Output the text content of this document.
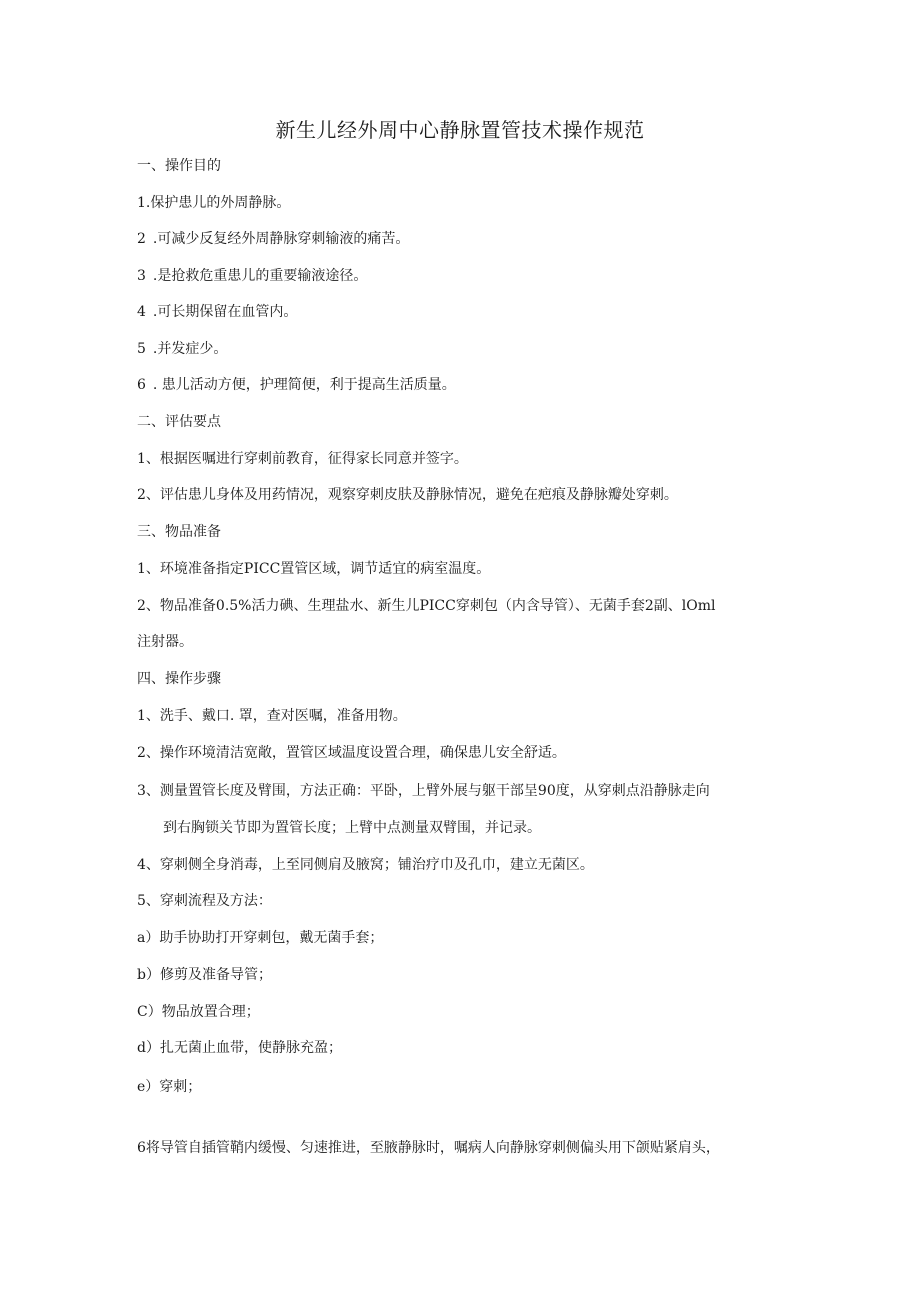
新生儿经外周中心静脉置管技术操作规范
一、操作目的
1.保护患儿的外周静脉。
2 .可减少反复经外周静脉穿刺输液的痛苦。
3 .是抢救危重患儿的重要输液途径。
4 .可长期保留在血管内。
5 .并发症少。
6 . 患儿活动方便，护理简便，利于提高生活质量。
二、评估要点
1、根据医嘱进行穿刺前教育，征得家长同意并签字。
2、评估患儿身体及用药情况，观察穿刺皮肤及静脉情况，避免在疤痕及静脉瓣处穿刺。
三、物品准备
1、环境准备指定PICC置管区域，调节适宜的病室温度。
2、物品准备0.5%活力碘、生理盐水、新生儿PICC穿刺包（内含导管）、无菌手套2副、lOml
注射器。
四、操作步骤
1、洗手、戴口. 罩，查对医嘱，准备用物。
2、操作环境清洁宽敞，置管区域温度设置合理，确保患儿安全舒适。
3、测量置管长度及臂围，方法正确：平卧，上臂外展与躯干部呈90度，从穿刺点沿静脉走向
到右胸锁关节即为置管长度；上臂中点测量双臂围，并记录。
4、穿刺侧全身消毒，上至同侧肩及腋窝；铺治疗巾及孔巾，建立无菌区。
5、穿刺流程及方法：
a）助手协助打开穿刺包，戴无菌手套；
b）修剪及准备导管；
C）物品放置合理；
d）扎无菌止血带，使静脉充盈；
e）穿刺；
6将导管自插管鞘内缓慢、匀速推进，至腋静脉时，嘱病人向静脉穿刺侧偏头用下颌贴紧肩头，
